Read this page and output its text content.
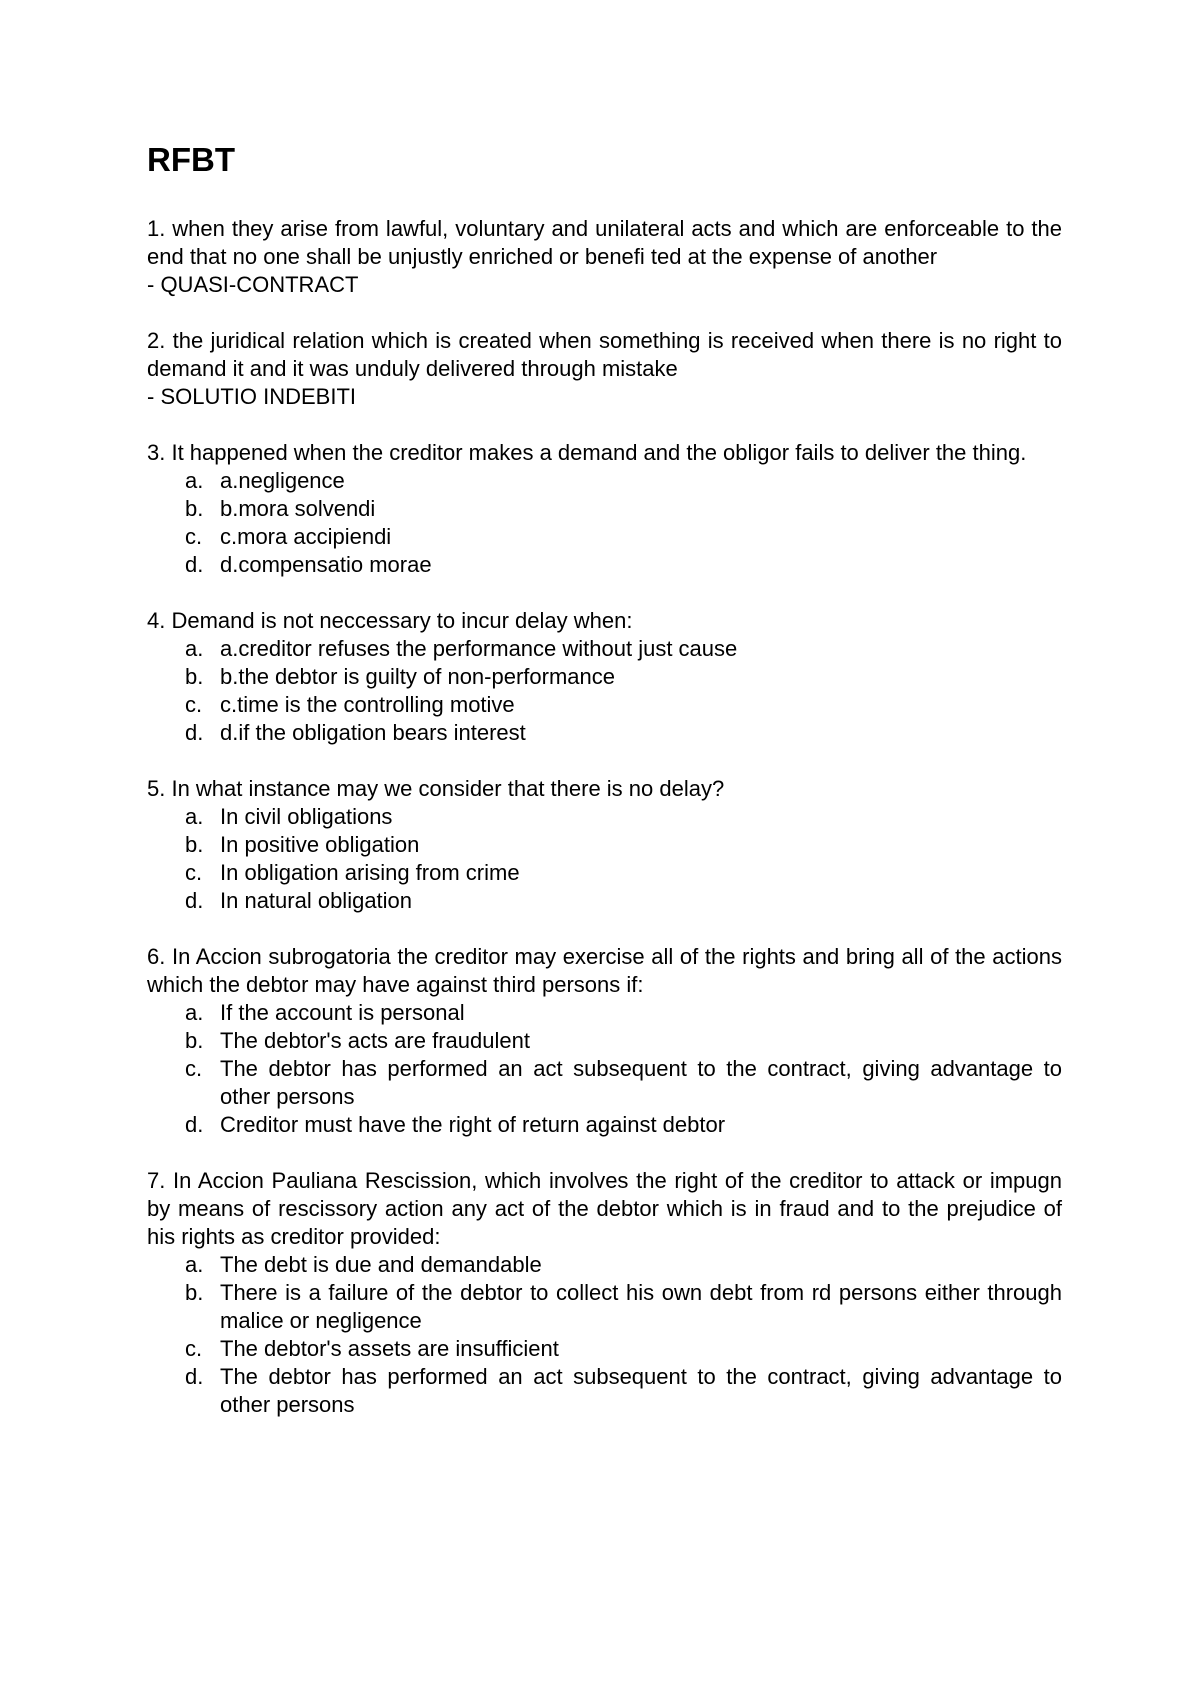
RFBT

1. when they arise from lawful, voluntary and unilateral acts and which are enforceable to the end that no one shall be unjustly enriched or benefi ted at the expense of another

- QUASI-CONTRACT

2. the juridical relation which is created when something is received when there is no right to demand it and it was unduly delivered through mistake

- SOLUTIO INDEBITI

3. It happened when the creditor makes a demand and the obligor fails to deliver the thing.

a. a.negligence
b. b.mora solvendi
c. c.mora accipiendi
d. d.compensatio morae

4. Demand is not neccessary to incur delay when:

a. a.creditor refuses the performance without just cause
b. b.the debtor is guilty of non-performance
c. c.time is the controlling motive
d. d.if the obligation bears interest

5. In what instance may we consider that there is no delay?

a. In civil obligations
b. In positive obligation
c. In obligation arising from crime
d. In natural obligation

6. In Accion subrogatoria the creditor may exercise all of the rights and bring all of the actions which the debtor may have against third persons if:

a. If the account is personal
b. The debtor's acts are fraudulent
c. The debtor has performed an act subsequent to the contract, giving advantage to other persons
d. Creditor must have the right of return against debtor

7. In Accion Pauliana Rescission, which involves the right of the creditor to attack or impugn by means of rescissory action any act of the debtor which is in fraud and to the prejudice of his rights as creditor provided:

a. The debt is due and demandable
b. There is a failure of the debtor to collect his own debt from rd persons either through malice or negligence
c. The debtor's assets are insufficient
d. The debtor has performed an act subsequent to the contract, giving advantage to other persons
